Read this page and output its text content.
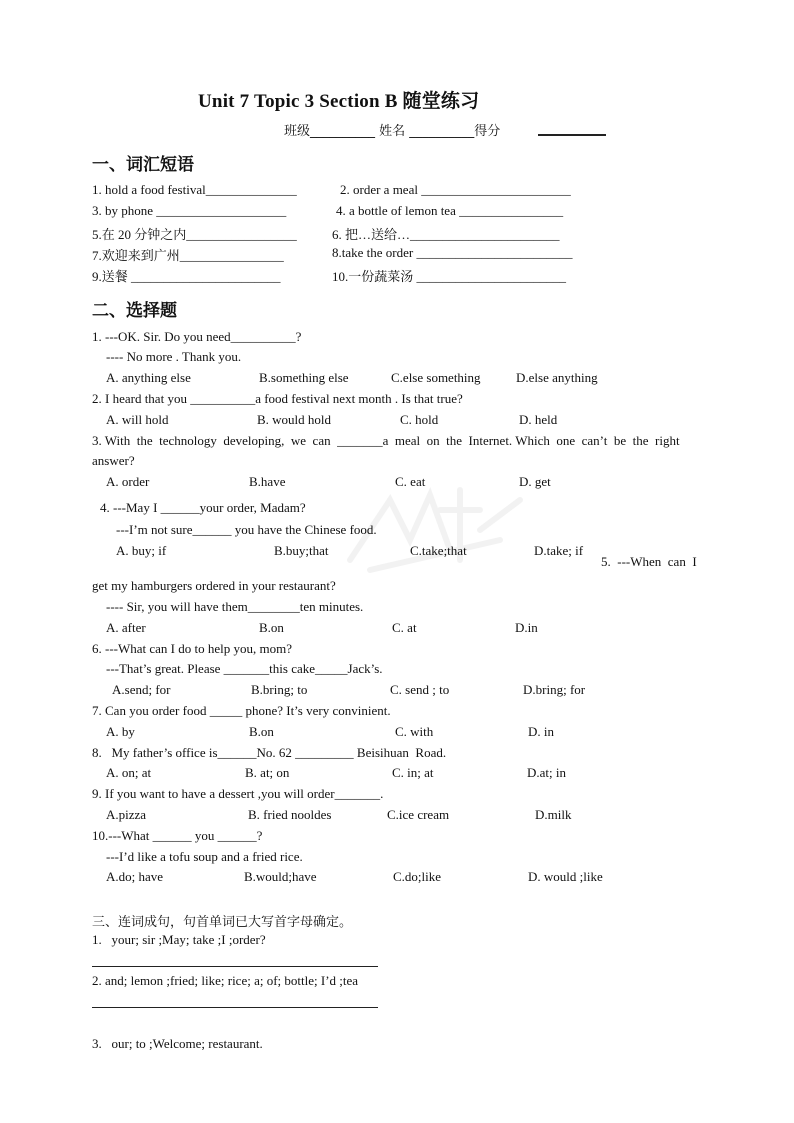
Unit 7 Topic 3 Section B 随堂练习
班级__________ 姓名 __________得分
一、词汇短语
1. hold a food festival______________	2. order a meal _______________________
3. by phone ____________________	4. a bottle of lemon tea ________________
5.在 20 分钟之内_________________	6. 把…送给…_______________________
7.欢迎来到广州________________	8.take the order ________________________
9.送餐 _______________________	10.一份蔬菜汤 _______________________
二、选择题
1. ---OK. Sir. Do you need__________?
---- No more . Thank you.
A. anything else	B.something else	C.else something	D.else anything
2. I heard that you __________a food festival next month . Is that true?
A. will hold	B. would hold	C. hold	D. held
3. With  the  technology  developing,  we  can  _______a  meal  on  the  Internet. Which  one  can’t  be  the  right
answer?
A. order	B.have	C. eat	D. get
4. ---May I ______your order, Madam?
---I’m not sure______ you have the Chinese food.
A. buy; if	B.buy;that	C.take;that	D.take; if
5.  ---When  can  I
get my hamburgers ordered in your restaurant?
---- Sir, you will have them________ten minutes.
A. after	B.on	C. at	D.in
6. ---What can I do to help you, mom?
---That’s great. Please _______this cake_____Jack’s.
A.send; for	B.bring; to	C. send ; to	D.bring; for
7. Can you order food _____ phone? It’s very convinient.
A. by	B.on	C. with	D. in
8.   My father’s office is______No. 62 _________ Beisihuan  Road.
A. on; at	B. at; on	C. in; at	D.at; in
9. If you want to have a dessert ,you will order_______.
A.pizza	B. fried nooldes	C.ice cream	D.milk
10.---What ______ you ______?
---I’d like a tofu soup and a fried rice.
A.do; have	B.would;have	C.do;like	D. would ;like
三、连词成句，句首单词已大写首字母确定。
1.   your; sir ;May; take ;I ;order?
2. and; lemon ;fried; like; rice; a; of; bottle; I’d ;tea
3.   our; to ;Welcome; restaurant.
